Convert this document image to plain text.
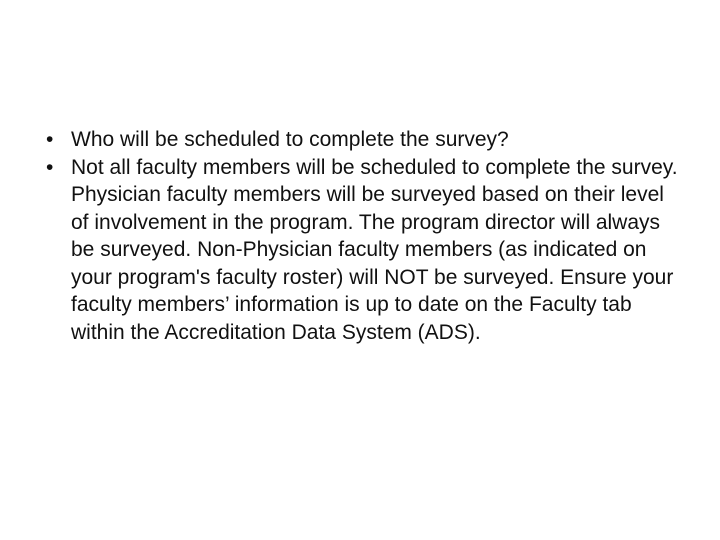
• Who will be scheduled to complete the survey?
• Not all faculty members will be scheduled to complete the survey. Physician faculty members will be surveyed based on their level of involvement in the program. The program director will always be surveyed. Non-Physician faculty members (as indicated on your program's faculty roster) will NOT be surveyed. Ensure your faculty members’ information is up to date on the Faculty tab within the Accreditation Data System (ADS).
